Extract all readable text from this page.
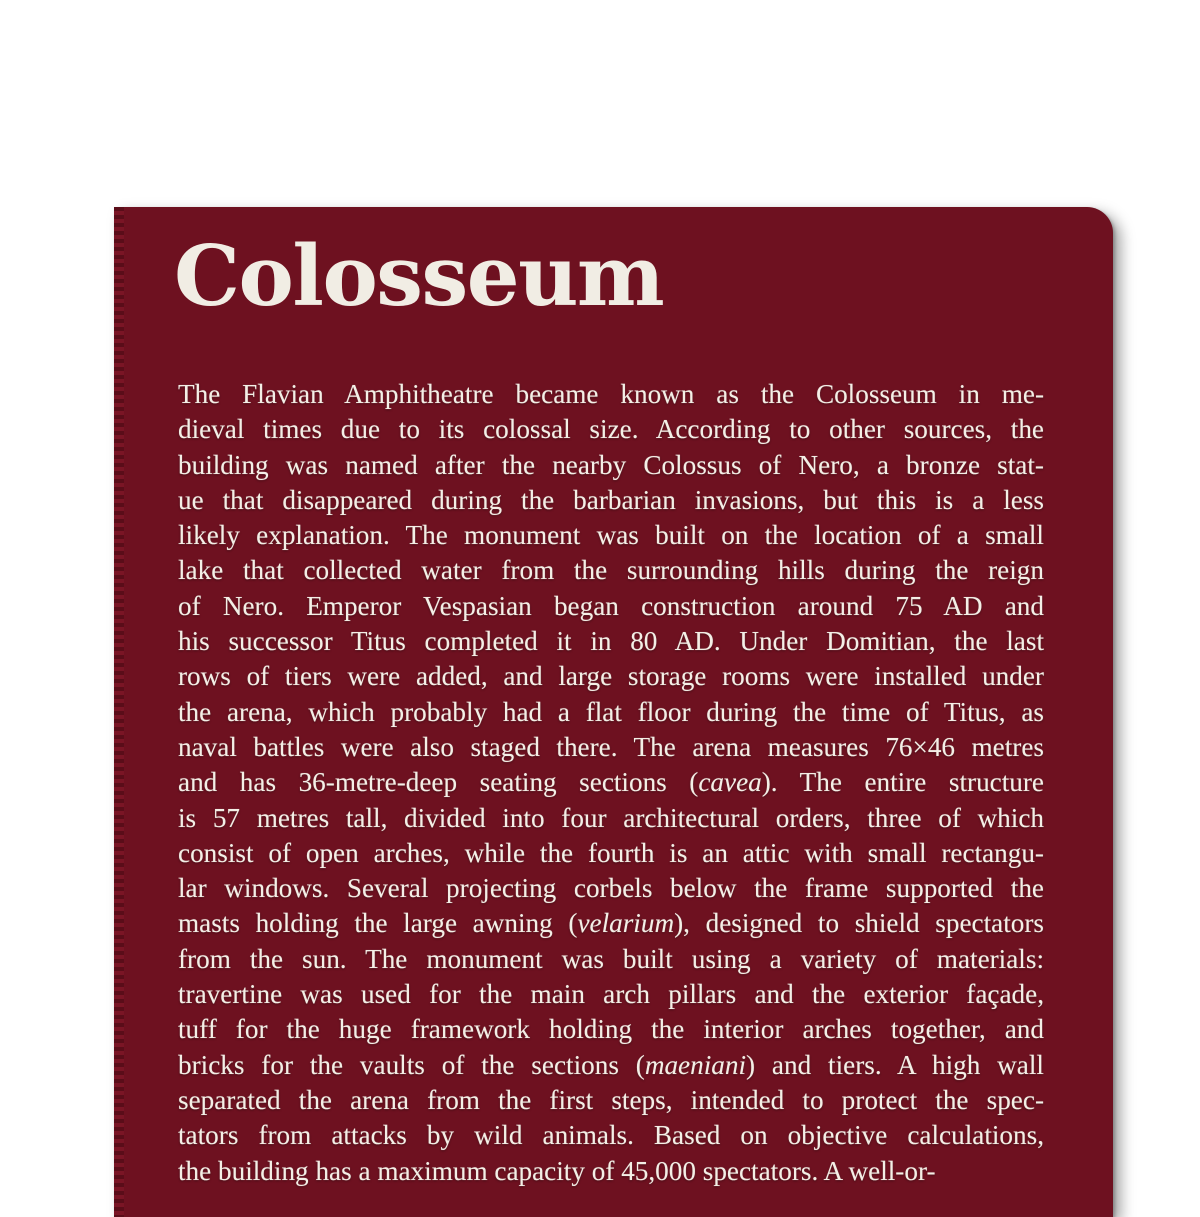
Colosseum
The Flavian Amphitheatre became known as the Colosseum in me-
dieval times due to its colossal size. According to other sources, the
building was named after the nearby Colossus of Nero, a bronze stat-
ue that disappeared during the barbarian invasions, but this is a less
likely explanation. The monument was built on the location of a small
lake that collected water from the surrounding hills during the reign
of Nero. Emperor Vespasian began construction around 75 AD and
his successor Titus completed it in 80 AD. Under Domitian, the last
rows of tiers were added, and large storage rooms were installed under
the arena, which probably had a flat floor during the time of Titus, as
naval battles were also staged there. The arena measures 76×46 metres
and has 36-metre-deep seating sections (cavea). The entire structure
is 57 metres tall, divided into four architectural orders, three of which
consist of open arches, while the fourth is an attic with small rectangu-
lar windows. Several projecting corbels below the frame supported the
masts holding the large awning (velarium), designed to shield spectators
from the sun. The monument was built using a variety of materials:
travertine was used for the main arch pillars and the exterior façade,
tuff for the huge framework holding the interior arches together, and
bricks for the vaults of the sections (maeniani) and tiers. A high wall
separated the arena from the first steps, intended to protect the spec-
tators from attacks by wild animals. Based on objective calculations,
the building has a maximum capacity of 45,000 spectators. A well-or-
